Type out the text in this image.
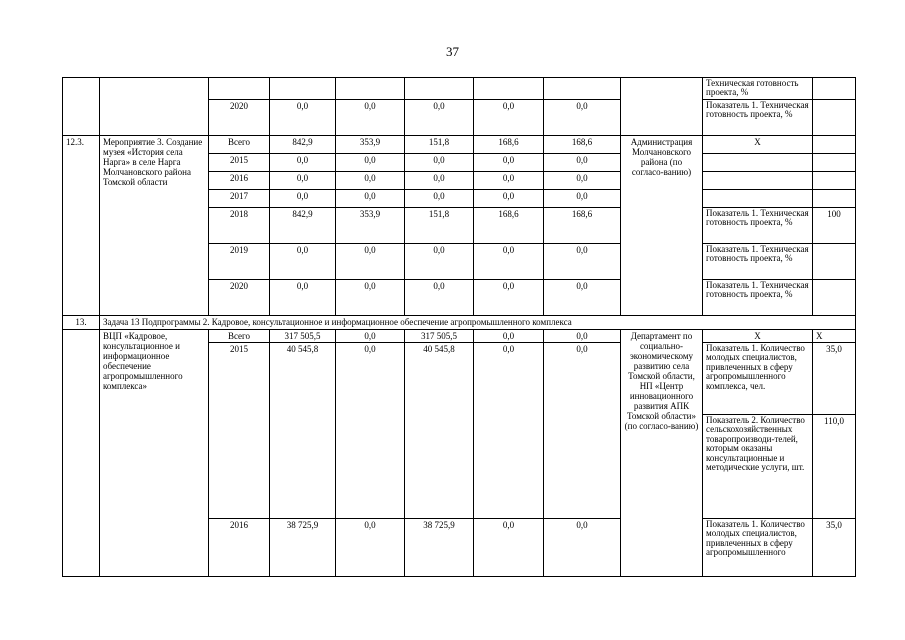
37
									Техническая готовность проекта, %	
		2020	0,0	0,0	0,0	0,0	0,0		Показатель 1. Техническая готовность проекта, %	
12.3.	Мероприятие 3. Создание музея «История села Нарга» в селе Нарга Молчановского района Томской области	Всего	842,9	353,9	151,8	168,6	168,6	Администрация Молчановского района (по согласо-ванию)	X	
		2015	0,0	0,0	0,0	0,0	0,0			
		2016	0,0	0,0	0,0	0,0	0,0			
		2017	0,0	0,0	0,0	0,0	0,0			
		2018	842,9	353,9	151,8	168,6	168,6		Показатель 1. Техническая готовность проекта, %	100
		2019	0,0	0,0	0,0	0,0	0,0		Показатель 1. Техническая готовность проекта, %	
		2020	0,0	0,0	0,0	0,0	0,0		Показатель 1. Техническая готовность проекта, %	
13.	Задача 13 Подпрограммы 2. Кадровое, консультационное и информационное обеспечение агропромышленного комплекса									
	ВЦП «Кадровое, консультационное и информационное обеспечение агропромышленного комплекса»	Всего	317 505,5	0,0	317 505,5	0,0	0,0	Департамент по социально-экономическому развитию села Томской области, НП «Центр инновационного развития АПК Томской области» (по согласо-ванию)	X	X
		2015	40 545,8	0,0	40 545,8	0,0	0,0		Показатель 1. Количество молодых специалистов, привлеченных в сферу агропромышленного комплекса, чел.	35,0
									Показатель 2. Количество сельскохозяйственных товаропроизводи-телей, которым оказаны консультационные и методические услуги, шт.	110,0
		2016	38 725,9	0,0	38 725,9	0,0	0,0		Показатель 1. Количество молодых специалистов, привлеченных в сферу агропромышленного	35,0
